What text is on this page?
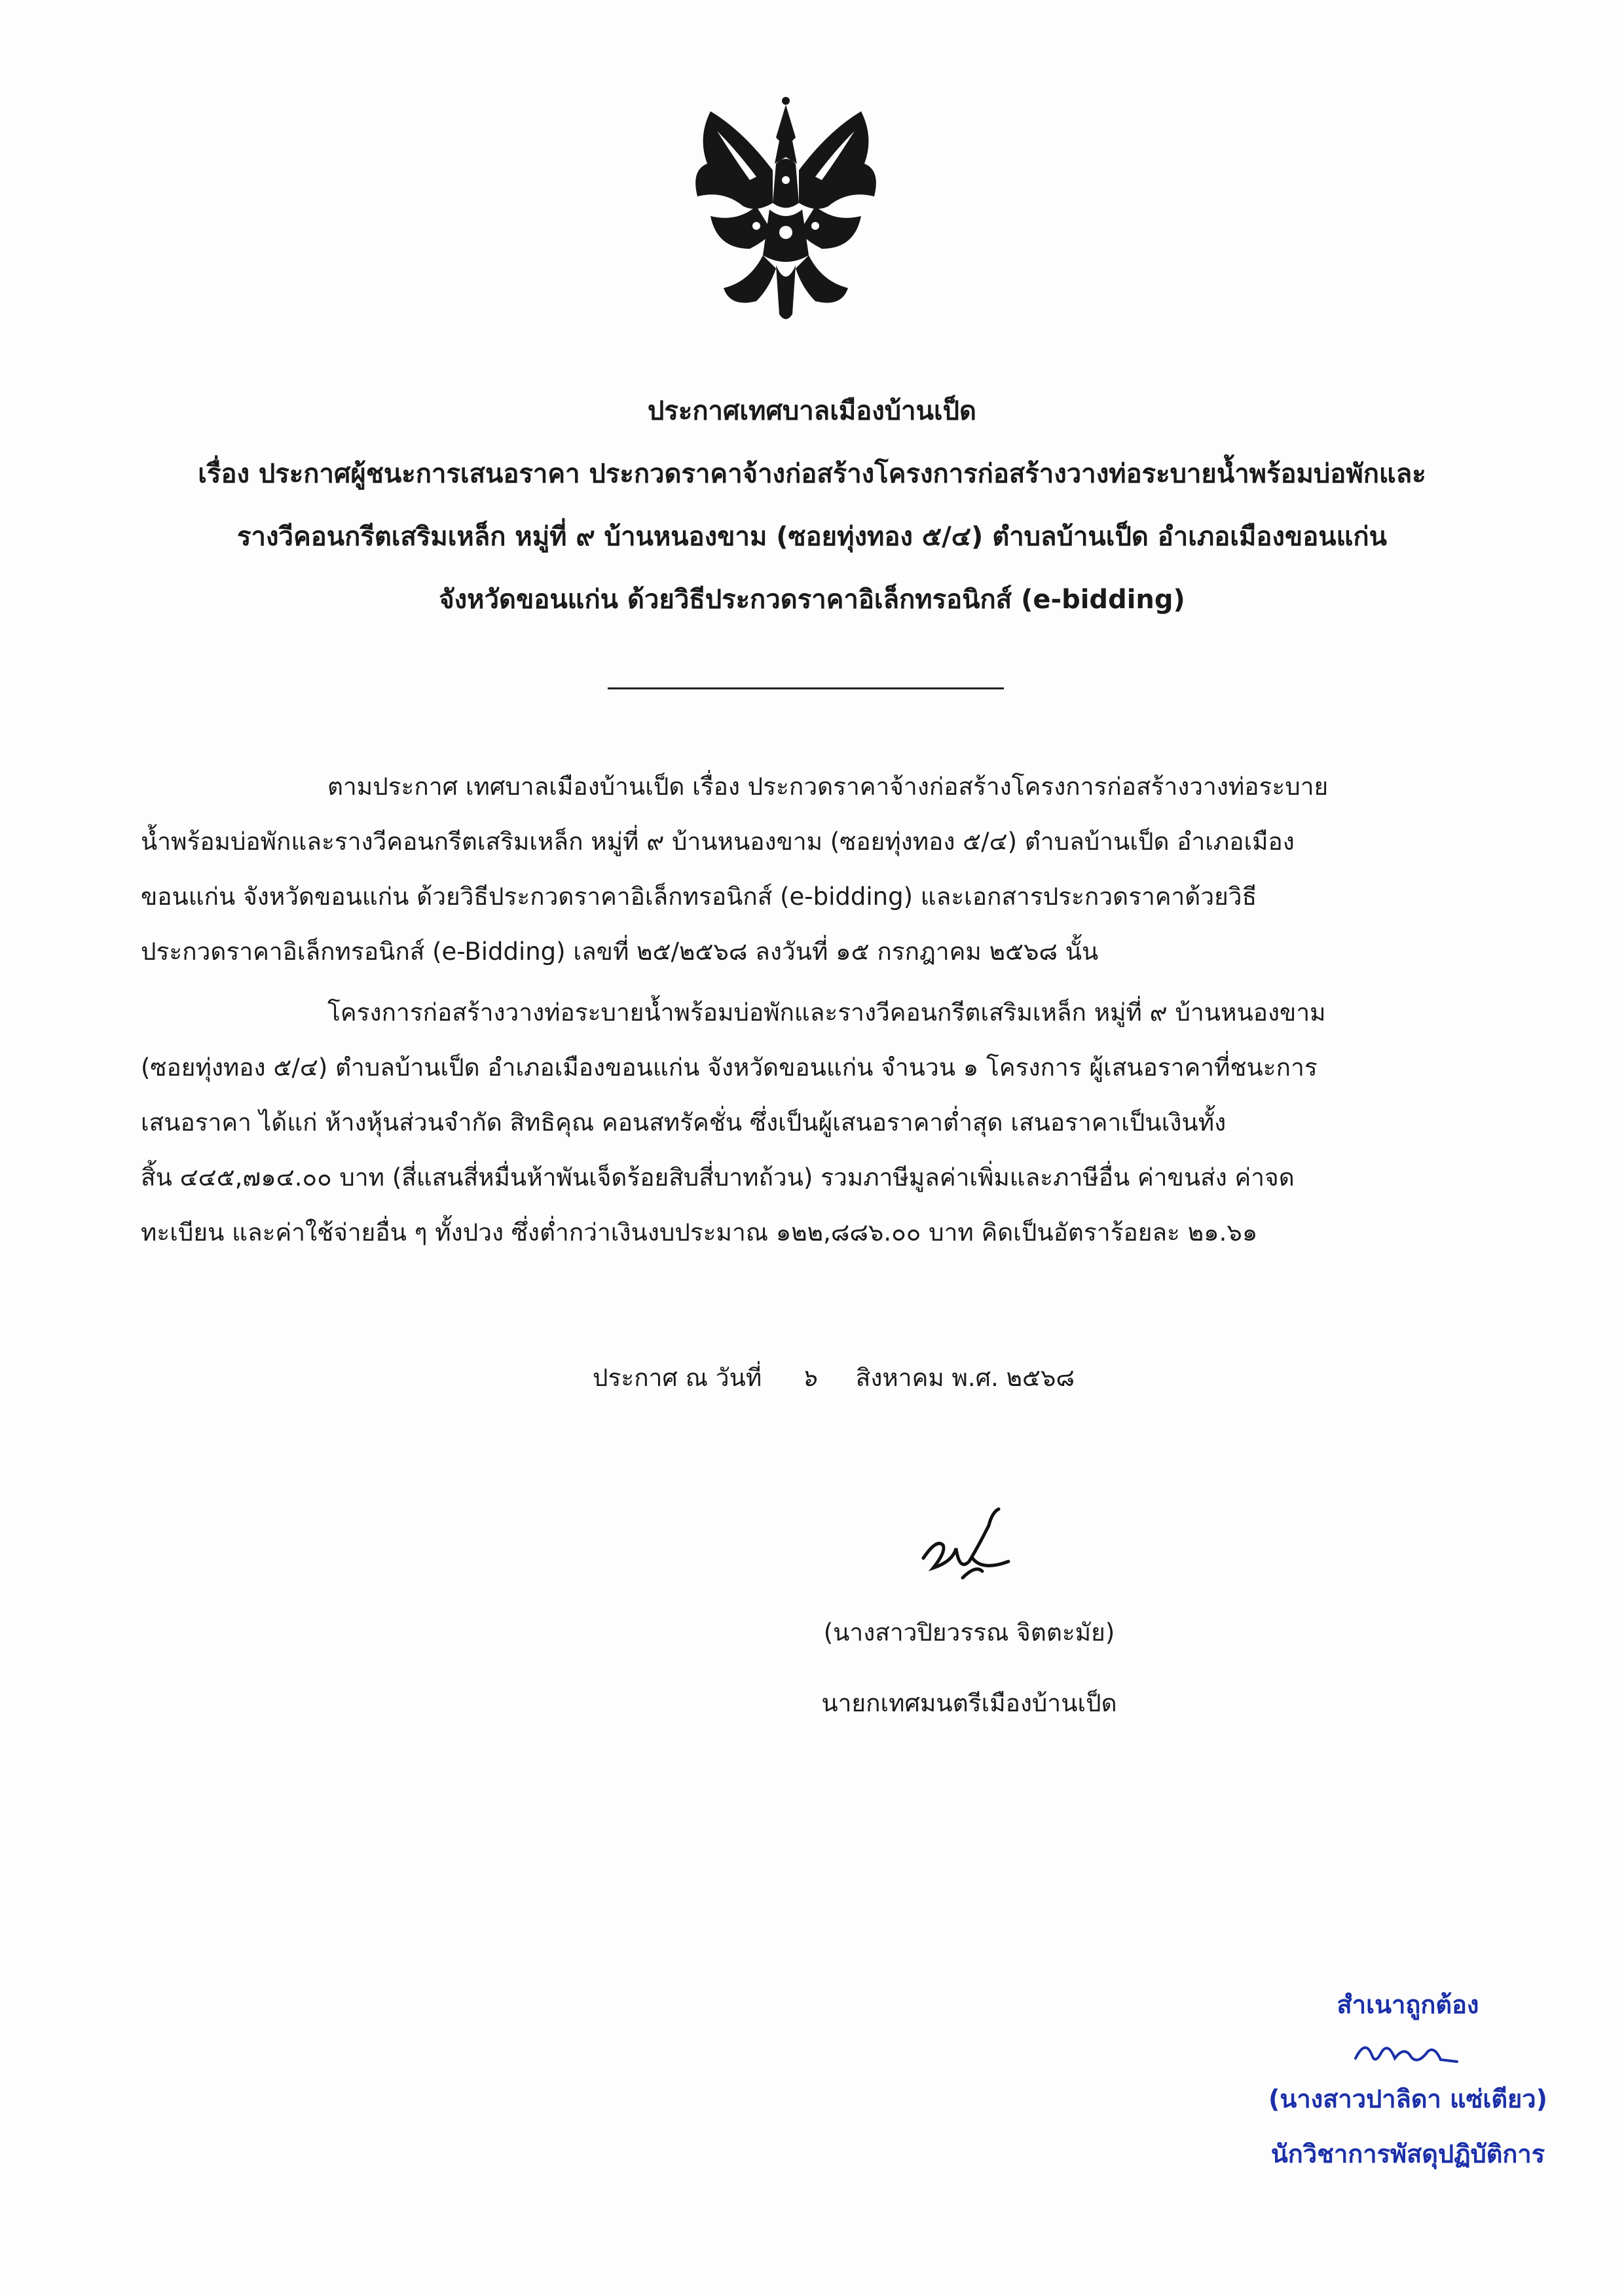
ประกาศเทศบาลเมืองบ้านเป็ด
เรื่อง ประกาศผู้ชนะการเสนอราคา ประกวดราคาจ้างก่อสร้างโครงการก่อสร้างวางท่อระบายน้ำพร้อมบ่อพักและ
รางวีคอนกรีตเสริมเหล็ก หมู่ที่ ๙ บ้านหนองขาม (ซอยทุ่งทอง ๕/๔) ตำบลบ้านเป็ด อำเภอเมืองขอนแก่น
จังหวัดขอนแก่น ด้วยวิธีประกวดราคาอิเล็กทรอนิกส์ (e-bidding)
ตามประกาศ เทศบาลเมืองบ้านเป็ด เรื่อง ประกวดราคาจ้างก่อสร้างโครงการก่อสร้างวางท่อระบาย
น้ำพร้อมบ่อพักและรางวีคอนกรีตเสริมเหล็ก หมู่ที่ ๙ บ้านหนองขาม (ซอยทุ่งทอง ๕/๔) ตำบลบ้านเป็ด อำเภอเมือง
ขอนแก่น จังหวัดขอนแก่น ด้วยวิธีประกวดราคาอิเล็กทรอนิกส์ (e-bidding) และเอกสารประกวดราคาด้วยวิธี
ประกวดราคาอิเล็กทรอนิกส์ (e-Bidding) เลขที่ ๒๕/๒๕๖๘ ลงวันที่ ๑๕ กรกฎาคม ๒๕๖๘ นั้น
โครงการก่อสร้างวางท่อระบายน้ำพร้อมบ่อพักและรางวีคอนกรีตเสริมเหล็ก หมู่ที่ ๙ บ้านหนองขาม
(ซอยทุ่งทอง ๕/๔) ตำบลบ้านเป็ด อำเภอเมืองขอนแก่น จังหวัดขอนแก่น จำนวน ๑ โครงการ ผู้เสนอราคาที่ชนะการ
เสนอราคา ได้แก่ ห้างหุ้นส่วนจำกัด สิทธิคุณ คอนสทรัคชั่น ซึ่งเป็นผู้เสนอราคาต่ำสุด เสนอราคาเป็นเงินทั้ง
สิ้น ๔๔๕,๗๑๔.๐๐ บาท (สี่แสนสี่หมื่นห้าพันเจ็ดร้อยสิบสี่บาทถ้วน) รวมภาษีมูลค่าเพิ่มและภาษีอื่น ค่าขนส่ง ค่าจด
ทะเบียน และค่าใช้จ่ายอื่น ๆ ทั้งปวง ซึ่งต่ำกว่าเงินงบประมาณ ๑๒๒,๘๘๖.๐๐ บาท คิดเป็นอัตราร้อยละ ๒๑.๖๑
ประกาศ ณ วันที่ ๖ สิงหาคม พ.ศ. ๒๕๖๘
(นางสาวปิยวรรณ จิตตะมัย)
นายกเทศมนตรีเมืองบ้านเป็ด
สำเนาถูกต้อง
(นางสาวปาลิดา แซ่เตียว)
นักวิชาการพัสดุปฏิบัติการ
